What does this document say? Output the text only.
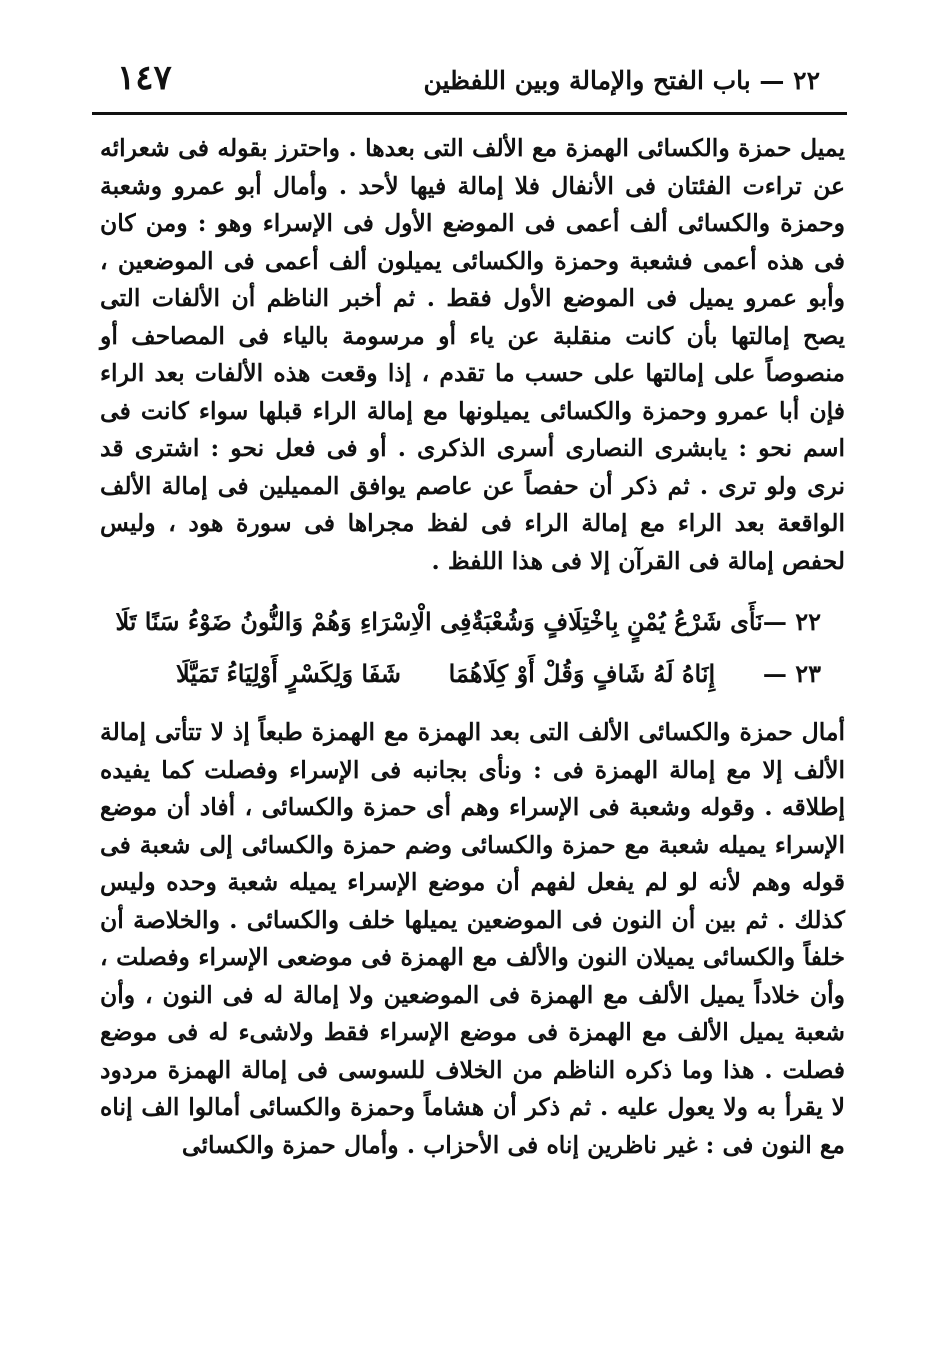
٢٢ — باب الفتح والإمالة وبين اللفظين
١٤٧

يميل حمزة والكسائى الهمزة مع الألف التى بعدها . واحترز بقوله فى شعرائه عن تراءت الفئتان فى الأنفال فلا إمالة فيها لأحد . وأمال أبو عمرو وشعبة وحمزة والكسائى ألف أعمى فى الموضع الأول فى الإسراء وهو : ومن كان فى هذه أعمى فشعبة وحمزة والكسائى يميلون ألف أعمى فى الموضعين ، وأبو عمرو يميل فى الموضع الأول فقط . ثم أخبر الناظم أن الألفات التى يصح إمالتها بأن كانت منقلبة عن ياء أو مرسومة بالياء فى المصاحف أو منصوصاً على إمالتها على حسب ما تقدم ، إذا وقعت هذه الألفات بعد الراء فإن أبا عمرو وحمزة والكسائى يميلونها مع إمالة الراء قبلها سواء كانت فى اسم نحو : يابشرى النصارى أسرى الذكرى . أو فى فعل نحو : اشترى قد نرى ولو ترى . ثم ذكر أن حفصاً عن عاصم يوافق المميلين فى إمالة الألف الواقعة بعد الراء مع إمالة الراء فى لفظ مجراها فى سورة هود ، وليس لحفص إمالة فى القرآن إلا فى هذا اللفظ .

٢٢ —
نَأَى شَرْعُ يُمْنٍ بِاخْتِلَافٍ وَشُعْبَةٌ
فِى الْاِسْرَاءِ وَهُمْ وَالنُّونُ ضَوْءُ سَنًا تَلَا
٢٣ —
إِنَاهُ لَهُ شَافٍ وَقُلْ أَوْ كِلَاهُمَا
شَفَا وَلِكَسْرٍ أَوْلِيَاءُ تَمَيَّلَا

أمال حمزة والكسائى الألف التى بعد الهمزة مع الهمزة طبعاً إذ لا تتأتى إمالة الألف إلا مع إمالة الهمزة فى : ونأى بجانبه فى الإسراء وفصلت كما يفيده إطلاقه . وقوله وشعبة فى الإسراء وهم أى حمزة والكسائى ، أفاد أن موضع الإسراء يميله شعبة مع حمزة والكسائى وضم حمزة والكسائى إلى شعبة فى قوله وهم لأنه لو لم يفعل لفهم أن موضع الإسراء يميله شعبة وحده وليس كذلك . ثم بين أن النون فى الموضعين يميلها خلف والكسائى . والخلاصة أن خلفاً والكسائى يميلان النون والألف مع الهمزة فى موضعى الإسراء وفصلت ، وأن خلاداً يميل الألف مع الهمزة فى الموضعين ولا إمالة له فى النون ، وأن شعبة يميل الألف مع الهمزة فى موضع الإسراء فقط ولاشىء له فى موضع فصلت . هذا وما ذكره الناظم من الخلاف للسوسى فى إمالة الهمزة مردود لا يقرأ به ولا يعول عليه . ثم ذكر أن هشاماً وحمزة والكسائى أمالوا الف إناه مع النون فى : غير ناظرين إناه فى الأحزاب . وأمال حمزة والكسائى
